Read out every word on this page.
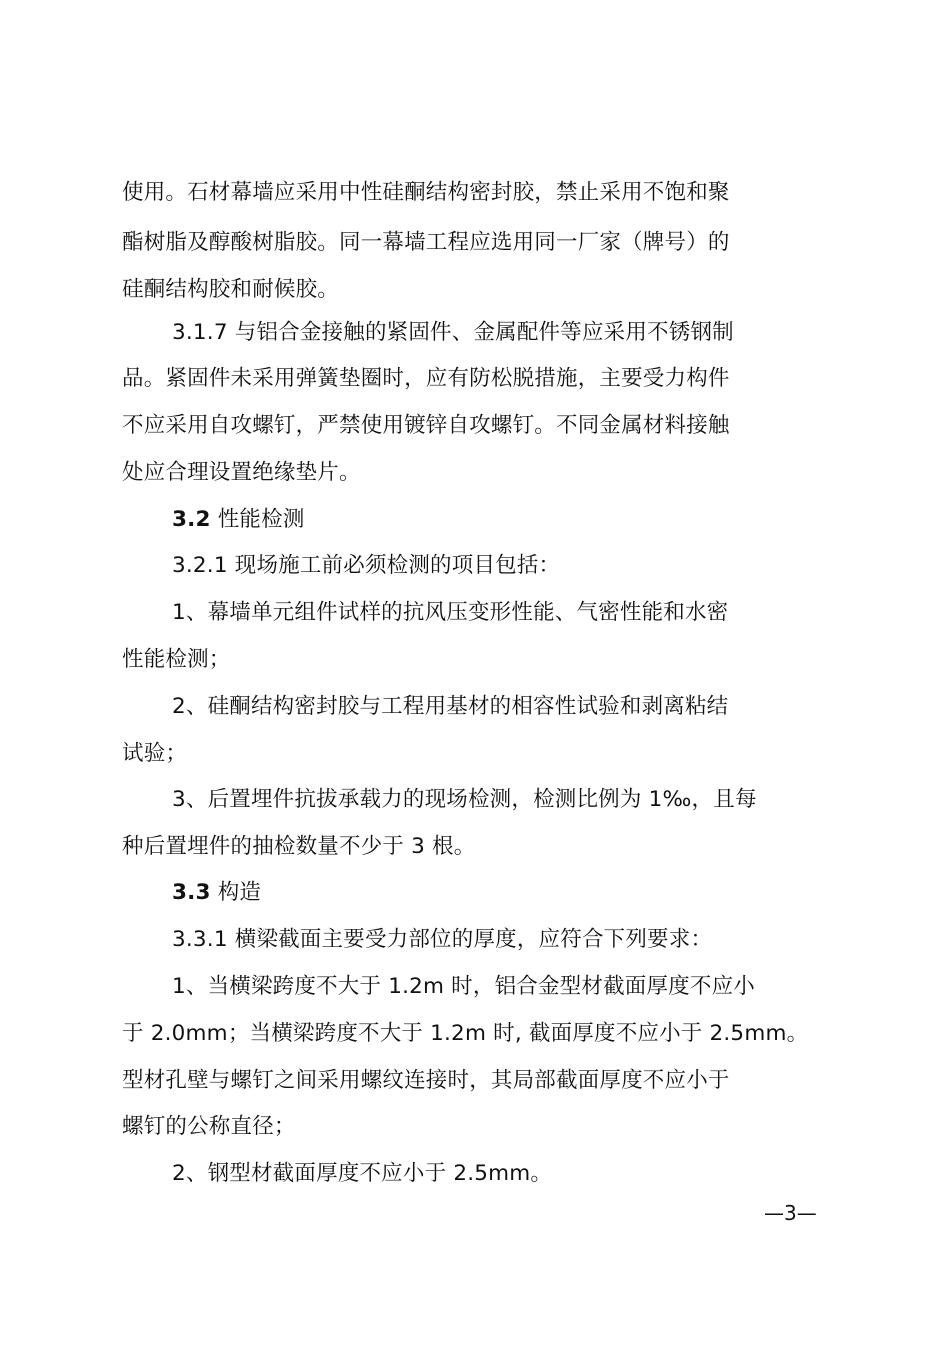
使用。石材幕墙应采用中性硅酮结构密封胶，禁止采用不饱和聚
酯树脂及醇酸树脂胶。同一幕墙工程应选用同一厂家（牌号）的
硅酮结构胶和耐候胶。
3.1.7 与铝合金接触的紧固件、金属配件等应采用不锈钢制
品。紧固件未采用弹簧垫圈时，应有防松脱措施，主要受力构件
不应采用自攻螺钉，严禁使用镀锌自攻螺钉。不同金属材料接触
处应合理设置绝缘垫片。
3.2 性能检测
3.2.1 现场施工前必须检测的项目包括：
1、幕墙单元组件试样的抗风压变形性能、气密性能和水密
性能检测；
2、硅酮结构密封胶与工程用基材的相容性试验和剥离粘结
试验；
3、后置埋件抗拔承载力的现场检测，检测比例为 1‰，且每
种后置埋件的抽检数量不少于 3 根。
3.3 构造
3.3.1 横梁截面主要受力部位的厚度，应符合下列要求：
1、当横梁跨度不大于 1.2m 时，铝合金型材截面厚度不应小
于 2.0mm；当横梁跨度不大于 1.2m 时, 截面厚度不应小于 2.5mm。
型材孔壁与螺钉之间采用螺纹连接时，其局部截面厚度不应小于
螺钉的公称直径；
2、钢型材截面厚度不应小于 2.5mm。
—3—
